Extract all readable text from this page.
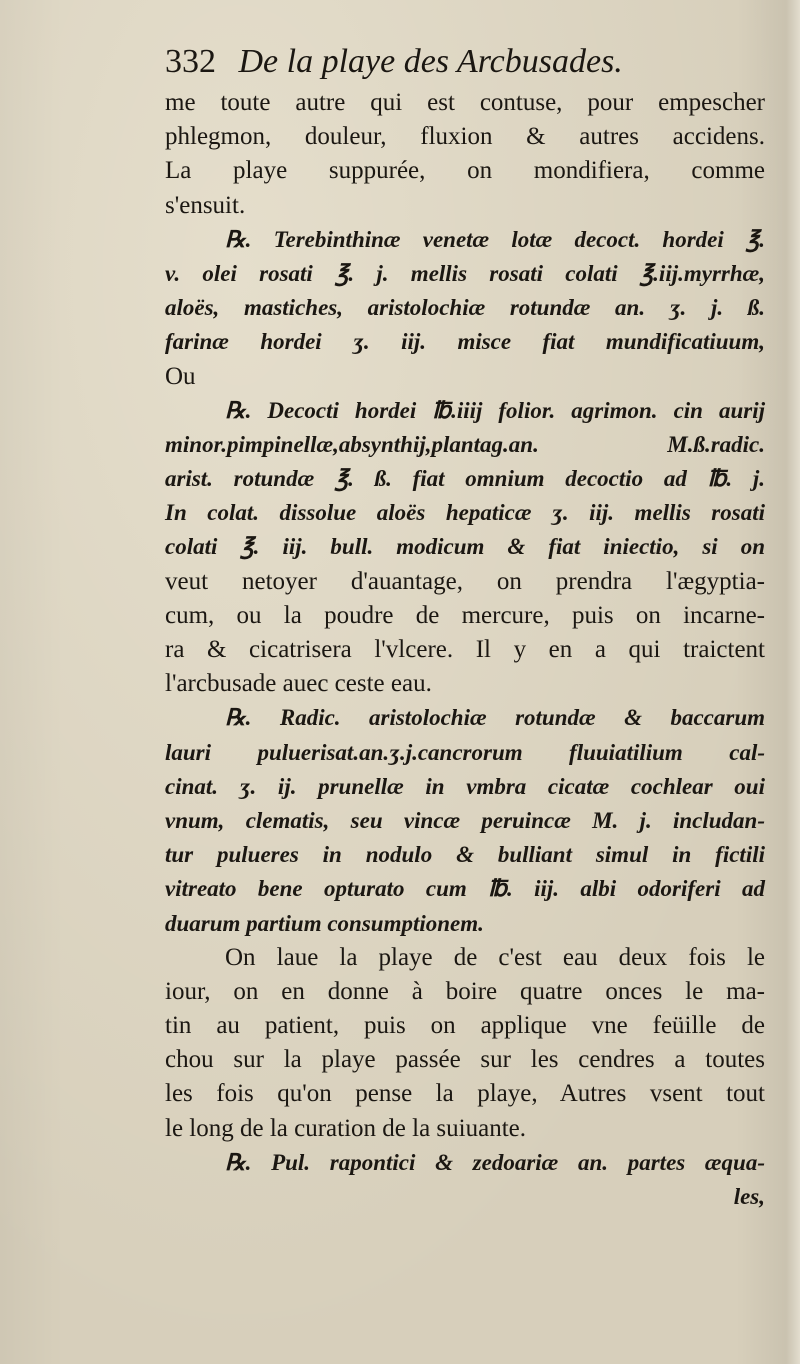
332 De la playe des Arcbusades.
me toute autre qui est contuse, pour empescher
phlegmon, douleur, fluxion & autres accidens.
La playe suppurée, on mondifiera, comme
s'ensuit.
℞. Terebinthinæ venetæ lotæ decoct. hordei ℥.
v. olei rosati ℥. j. mellis rosati colati ℥.iij.myrrhæ,
aloës, mastiches, aristolochiæ rotundæ an. ʒ. j. ß.
farinæ hordei ʒ. iij. misce fiat mundificatiuum,
Ou
℞. Decocti hordei ℔.iiij folior. agrimon. cin aurij
minor.pimpinellæ,absynthij,plantag.an. M.ß.radic.
arist. rotundæ ℥. ß. fiat omnium decoctio ad ℔. j.
In colat. dissolue aloës hepaticæ ʒ. iij. mellis rosati
colati ℥. iij. bull. modicum & fiat iniectio, si on
veut netoyer d'auantage, on prendra l'ægyptia-
cum, ou la poudre de mercure, puis on incarne-
ra & cicatrisera l'vlcere. Il y en a qui traictent
l'arcbusade auec ceste eau.
℞. Radic. aristolochiæ rotundæ & baccarum
lauri puluerisat.an.ʒ.j.cancrorum fluuiatilium cal-
cinat. ʒ. ij. prunellæ in vmbra cicatæ cochlear oui
vnum, clematis, seu vincæ peruincæ M. j. includan-
tur pulueres in nodulo & bulliant simul in fictili
vitreato bene opturato cum ℔. iij. albi odoriferi ad
duarum partium consumptionem.
On laue la playe de c'est eau deux fois le
iour, on en donne à boire quatre onces le ma-
tin au patient, puis on applique vne feüille de
chou sur la playe passée sur les cendres a toutes
les fois qu'on pense la playe, Autres vsent tout
le long de la curation de la suiuante.
℞. Pul. rapontici & zedoariæ an. partes æqua-
les,
